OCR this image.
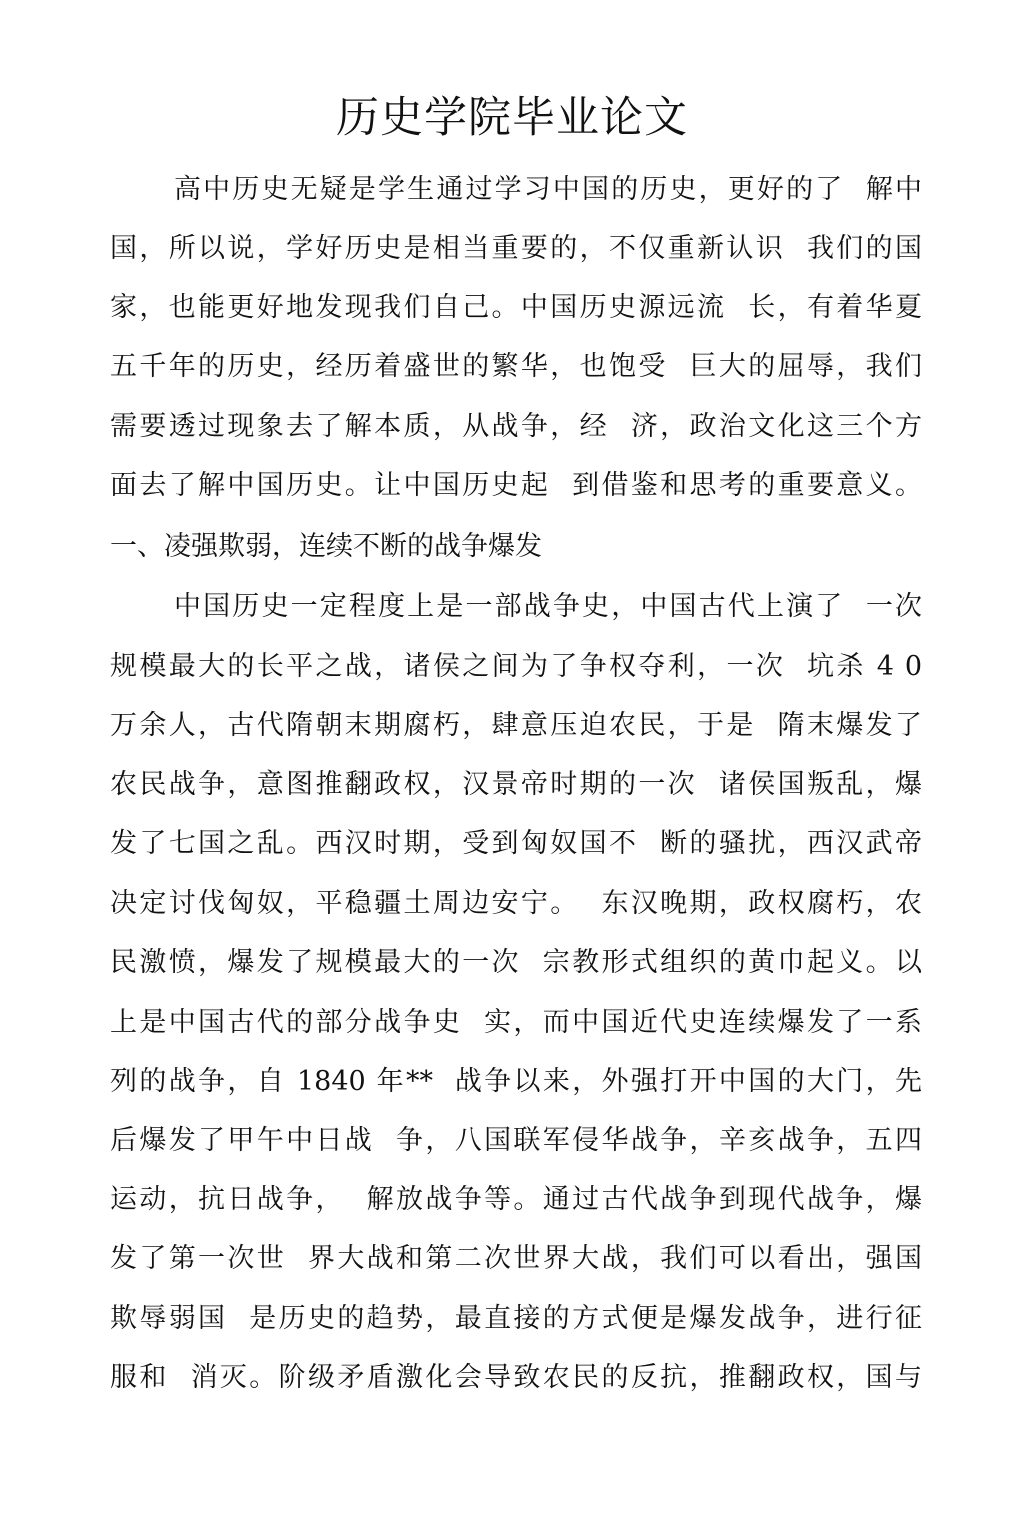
历史学院毕业论文

高中历史无疑是学生通过学习中国的历史，更好的了  解中

国，所以说，学好历史是相当重要的，不仅重新认识  我们的国

家，也能更好地发现我们自己。中国历史源远流  长，有着华夏

五千年的历史，经历着盛世的繁华，也饱受  巨大的屈辱，我们

需要透过现象去了解本质，从战争，经  济，政治文化这三个方

面去了解中国历史。让中国历史起  到借鉴和思考的重要意义。

一、凌强欺弱，连续不断的战争爆发

中国历史一定程度上是一部战争史，中国古代上演了  一次

规模最大的长平之战，诸侯之间为了争权夺利，一次  坑杀 4 0

万余人，古代隋朝末期腐朽，肆意压迫农民，于是  隋末爆发了

农民战争，意图推翻政权，汉景帝时期的一次  诸侯国叛乱，爆

发了七国之乱。西汉时期，受到匈奴国不  断的骚扰，西汉武帝

决定讨伐匈奴，平稳疆土周边安宁。  东汉晚期，政权腐朽，农

民激愤，爆发了规模最大的一次  宗教形式组织的黄巾起义。以

上是中国古代的部分战争史  实，而中国近代史连续爆发了一系

列的战争，自 1840 年**  战争以来，外强打开中国的大门，先

后爆发了甲午中日战  争，八国联军侵华战争，辛亥战争，五四

运动，抗日战争，  解放战争等。通过古代战争到现代战争，爆

发了第一次世  界大战和第二次世界大战，我们可以看出，强国

欺辱弱国  是历史的趋势，最直接的方式便是爆发战争，进行征

服和  消灭。阶级矛盾激化会导致农民的反抗，推翻政权，国与
